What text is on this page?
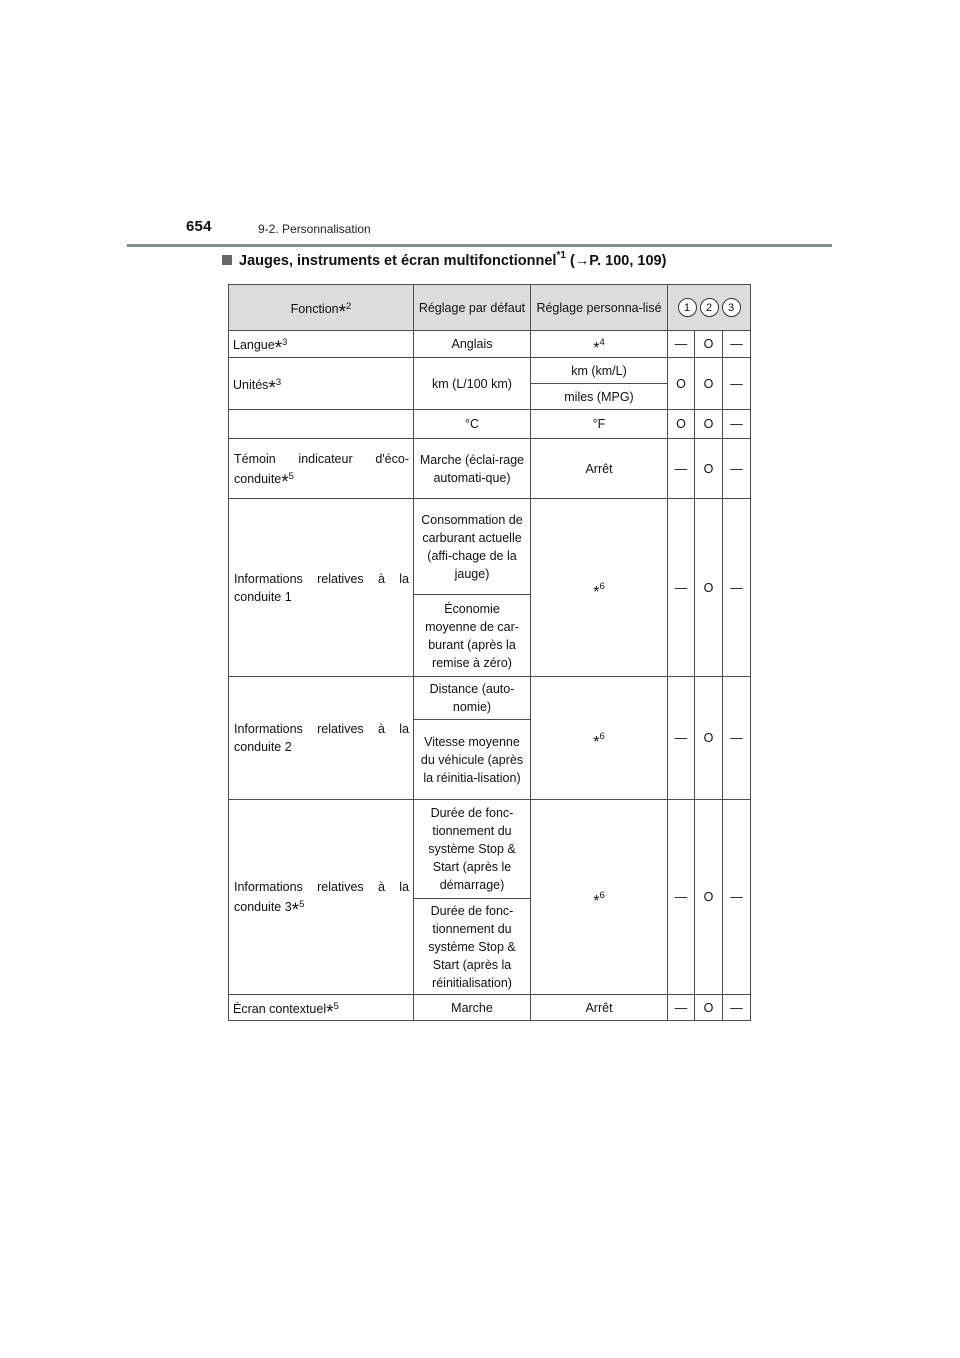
654	9-2. Personnalisation
Jauges, instruments et écran multifonctionnel$^{*1}$ (→P. 100, 109)
Fonction*$^2$	Réglage par défaut	Réglage personna-lisé	1 2 3		

Langue*$^3$	Anglais	*$^4$	—	O	—
Unités*$^3$	km (L/100 km)	km (km/L)	O	O	—
		miles (MPG)			
	°C	°F	O	O	—
Témoin indicateur d'éco-conduite*$^5$	Marche (éclai-rage automati-que)	Arrêt	—	O	—
Informations relatives à la conduite 1	Consommation de carburant actuelle (affi-chage de la jauge)	*$^6$	—	O	—
	Économie moyenne de car-burant (après la remise à zéro)				
Informations relatives à la conduite 2	Distance (auto-nomie)	*$^6$	—	O	—
	Vitesse moyenne du véhicule (après la réinitia-lisation)				
Informations relatives à la conduite 3*$^5$	Durée de fonc-tionnement du système Stop & Start (après le démarrage)	*$^6$	—	O	—
	Durée de fonc-tionnement du système Stop & Start (après la réinitialisation)				
Écran contextuel*$^5$	Marche	Arrêt	—	O	—
